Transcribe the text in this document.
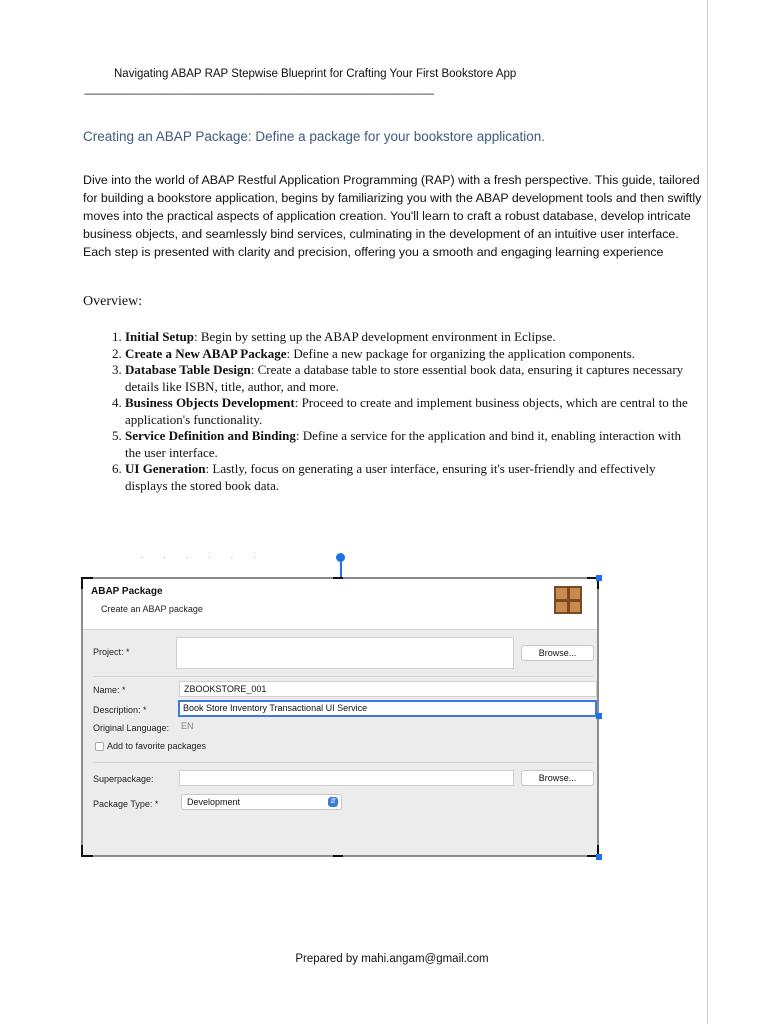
Navigating ABAP RAP Stepwise Blueprint for Crafting Your First Bookstore App
------------------------------------------------------------------------------------------------------------------------------------------------------
Creating an ABAP Package: Define a package for your bookstore application.
Dive into the world of ABAP Restful Application Programming (RAP) with a fresh perspective. This guide, tailored for building a bookstore application, begins by familiarizing you with the ABAP development tools and then swiftly moves into the practical aspects of application creation. You'll learn to craft a robust database, develop intricate business objects, and seamlessly bind services, culminating in the development of an intuitive user interface. Each step is presented with clarity and precision, offering you a smooth and engaging learning experience
Overview:
1. Initial Setup: Begin by setting up the ABAP development environment in Eclipse.
2. Create a New ABAP Package: Define a new package for organizing the application components.
3. Database Table Design: Create a database table to store essential book data, ensuring it captures necessary details like ISBN, title, author, and more.
4. Business Objects Development: Proceed to create and implement business objects, which are central to the application's functionality.
5. Service Definition and Binding: Define a service for the application and bind it, enabling interaction with the user interface.
6. UI Generation: Lastly, focus on generating a user interface, ensuring it's user-friendly and effectively displays the stored book data.
. . . . . .
ABAP Package
Create an ABAP package
Project: *	Browse...
Name: *	ZBOOKSTORE_001
Description: *	Book Store Inventory Transactional UI Service
Original Language:	EN
Add to favorite packages
Superpackage:	Browse...
Package Type: *	Development	⇵
Prepared by mahi.angam@gmail.com
